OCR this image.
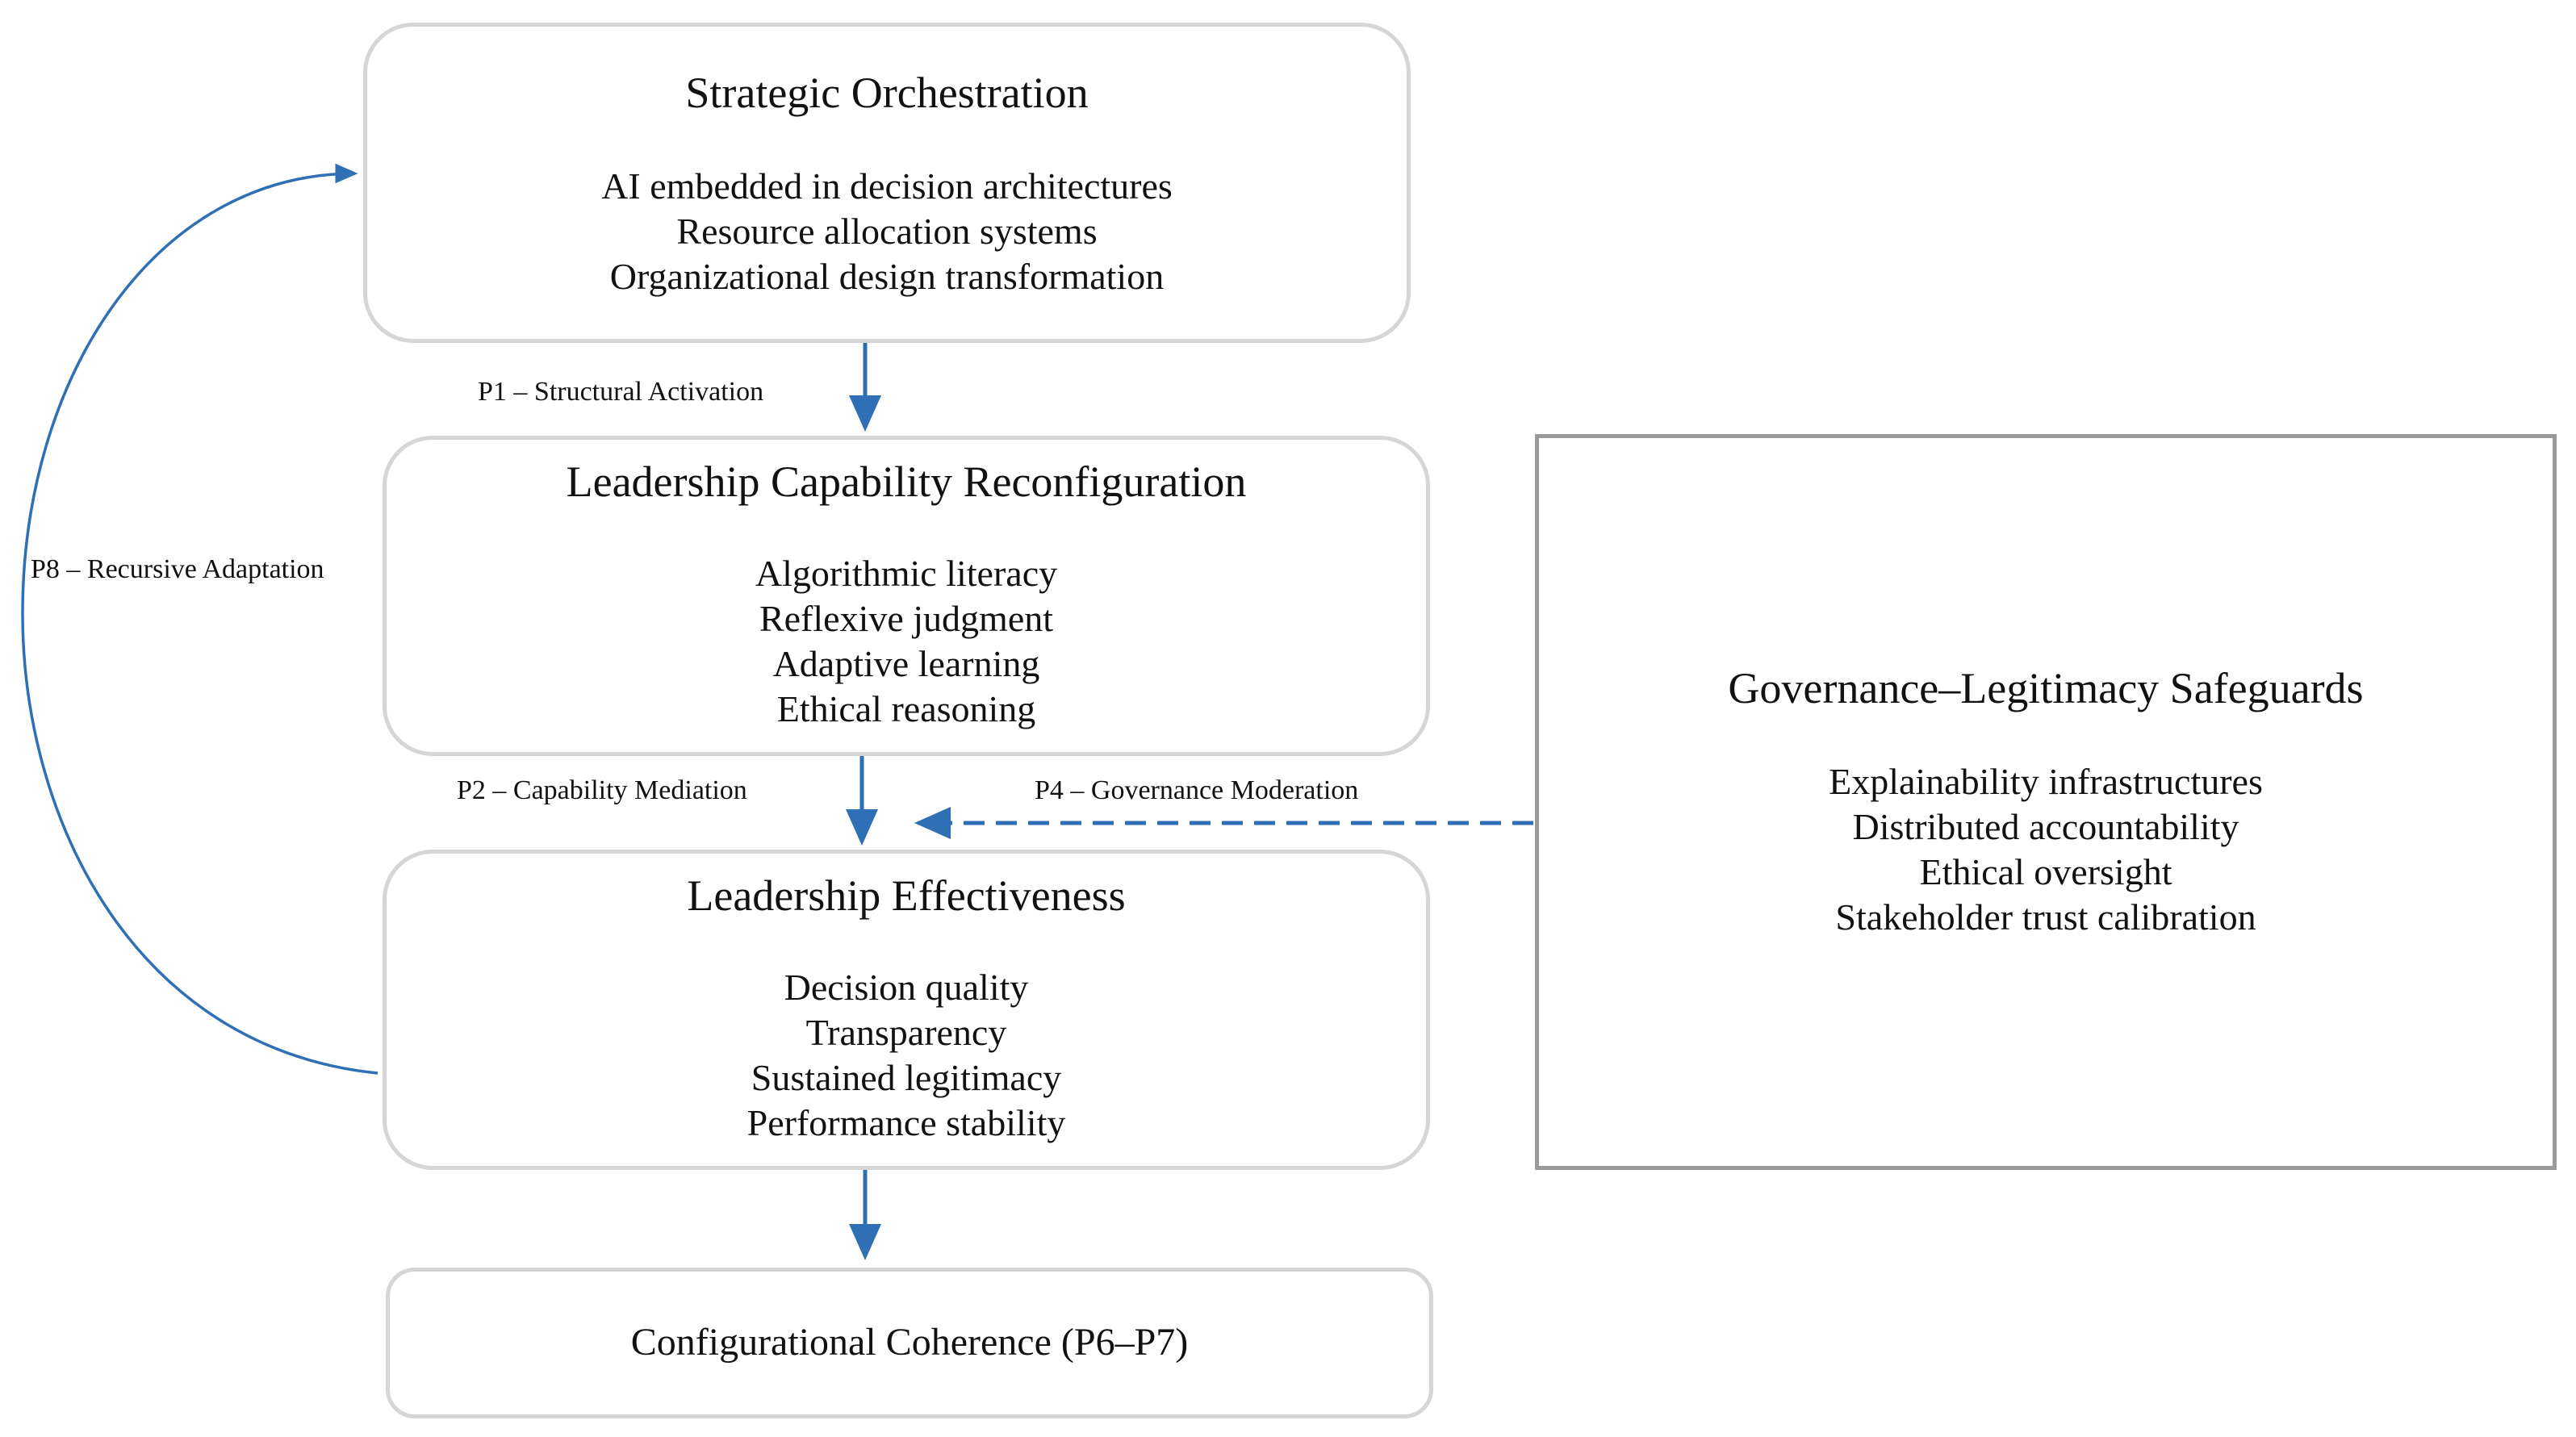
Strategic Orchestration
AI embedded in decision architectures
Resource allocation systems
Organizational design transformation
P1 – Structural Activation
Leadership Capability Reconfiguration
Algorithmic literacy
Reflexive judgment
Adaptive learning
Ethical reasoning
P8 – Recursive Adaptation
P2 – Capability Mediation	P4 – Governance Moderation
Leadership Effectiveness
Decision quality
Transparency
Sustained legitimacy
Performance stability
Configurational Coherence (P6–P7)
Governance–Legitimacy Safeguards
Explainability infrastructures
Distributed accountability
Ethical oversight
Stakeholder trust calibration
